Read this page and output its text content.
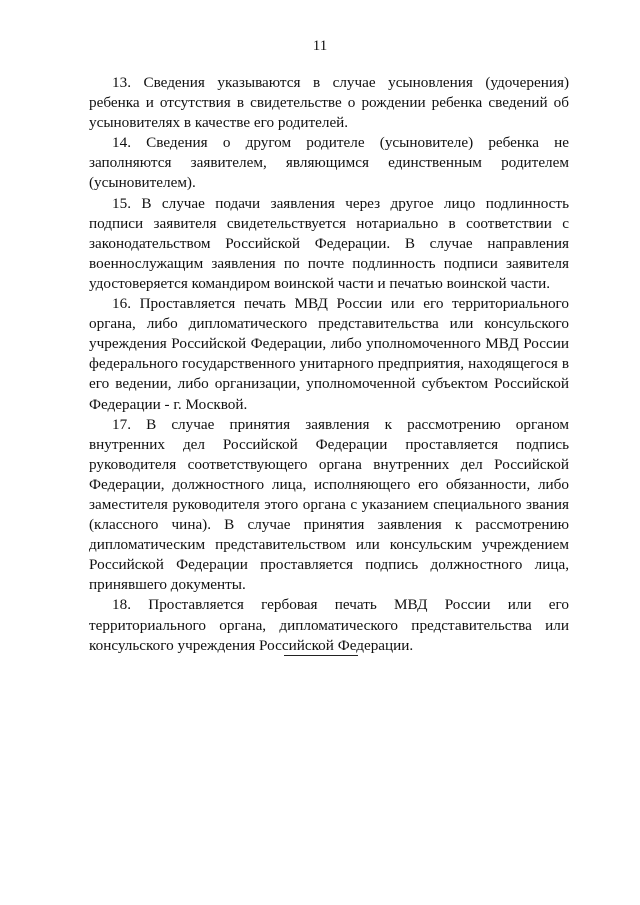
11

13. Сведения указываются в случае усыновления (удочерения) ребенка и отсутствия в свидетельстве о рождении ребенка сведений об усыновителях в качестве его родителей.

14. Сведения о другом родителе (усыновителе) ребенка не заполняются заявителем, являющимся единственным родителем (усыновителем).

15. В случае подачи заявления через другое лицо подлинность подписи заявителя свидетельствуется нотариально в соответствии с законодательством Российской Федерации. В случае направления военнослужащим заявления по почте подлинность подписи заявителя удостоверяется командиром воинской части и печатью воинской части.

16. Проставляется печать МВД России или его территориального органа, либо дипломатического представительства или консульского учреждения Российской Федерации, либо уполномоченного МВД России федерального государственного унитарного предприятия, находящегося в его ведении, либо организации, уполномоченной субъектом Российской Федерации - г. Москвой.

17. В случае принятия заявления к рассмотрению органом внутренних дел Российской Федерации проставляется подпись руководителя соответствующего органа внутренних дел Российской Федерации, должностного лица, исполняющего его обязанности, либо заместителя руководителя этого органа с указанием специального звания (классного чина). В случае принятия заявления к рассмотрению дипломатическим представительством или консульским учреждением Российской Федерации проставляется подпись должностного лица, принявшего документы.

18. Проставляется гербовая печать МВД России или его территориального органа, дипломатического представительства или консульского учреждения Российской Федерации.
